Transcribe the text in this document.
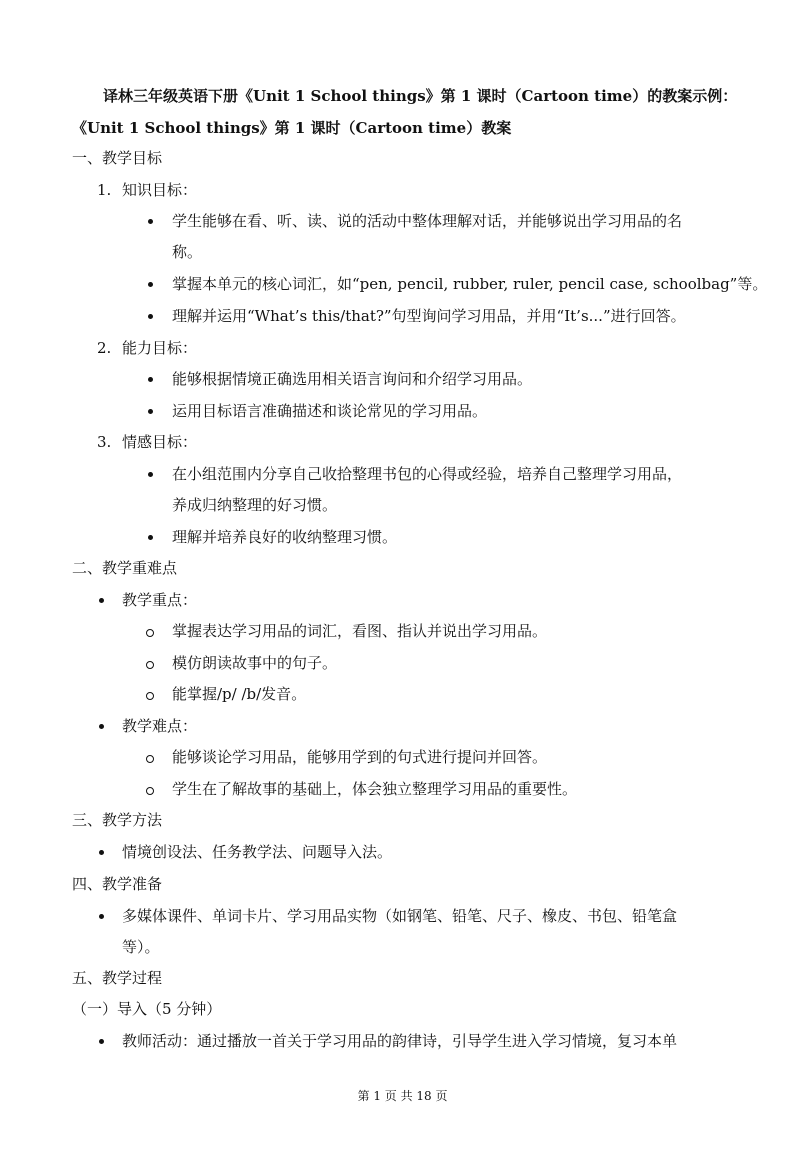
译林三年级英语下册《Unit 1 School things》第 1 课时（Cartoon time）的教案示例：
《Unit 1 School things》第 1 课时（Cartoon time）教案
一、教学目标
1. 知识目标：
学生能够在看、听、读、说的活动中整体理解对话，并能够说出学习用品的名
称。
掌握本单元的核心词汇，如“pen, pencil, rubber, ruler, pencil case, schoolbag”等。
理解并运用“What’s this/that?”句型询问学习用品，并用“It’s...”进行回答。
2. 能力目标：
能够根据情境正确选用相关语言询问和介绍学习用品。
运用目标语言准确描述和谈论常见的学习用品。
3. 情感目标：
在小组范围内分享自己收拾整理书包的心得或经验，培养自己整理学习用品，
养成归纳整理的好习惯。
理解并培养良好的收纳整理习惯。
二、教学重难点
教学重点：
掌握表达学习用品的词汇，看图、指认并说出学习用品。
模仿朗读故事中的句子。
能掌握/p/ /b/发音。
教学难点：
能够谈论学习用品，能够用学到的句式进行提问并回答。
学生在了解故事的基础上，体会独立整理学习用品的重要性。
三、教学方法
情境创设法、任务教学法、问题导入法。
四、教学准备
多媒体课件、单词卡片、学习用品实物（如钢笔、铅笔、尺子、橡皮、书包、铅笔盒
等）。
五、教学过程
（一）导入（5 分钟）
教师活动：通过播放一首关于学习用品的韵律诗，引导学生进入学习情境，复习本单
第 1 页 共 18 页
